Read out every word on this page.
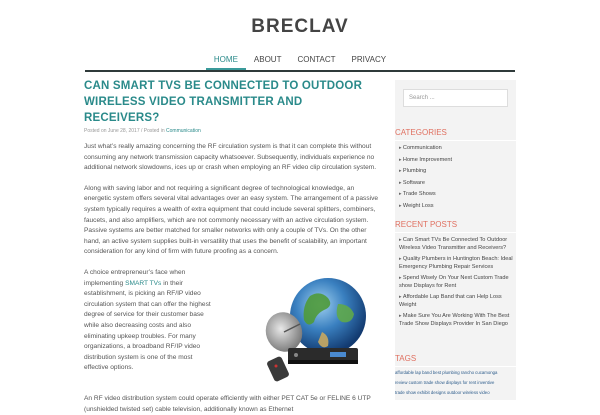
BRECLAV
HOME	ABOUT	CONTACT	PRIVACY
CAN SMART TVS BE CONNECTED TO OUTDOOR
WIRELESS VIDEO TRANSMITTER AND RECEIVERS?
Posted on June 28, 2017 / Posted in Communication

Just what’s really amazing concerning the RF circulation system is that it can complete this without consuming any network transmission capacity whatsoever. Subsequently, individuals experience no additional network slowdowns, ices up or crash when employing an RF video clip circulation system.

Along with saving labor and not requiring a significant degree of technological knowledge, an energetic system offers several vital advantages over an easy system. The arrangement of a passive system typically requires a wealth of extra equipment that could include several splitters, combiners, faucets, and also amplifiers, which are not commonly necessary with an active circulation system. Passive systems are better matched for smaller networks with only a couple of TVs. On the other hand, an active system supplies built-in versatility that uses the benefit of scalability, an important consideration for any kind of firm with future proofing as a concern.

A choice entrepreneur’s face when implementing SMART TVs in their establishment, is picking an RF/IP video circulation system that can offer the highest degree of service for their customer base while also decreasing costs and also eliminating upkeep troubles. For many organizations, a broadband RF/IP video distribution system is one of the most effective options.

An RF video distribution system could operate efficiently with either PET CAT 5e or FELINE 6 UTP (unshielded twisted set) cable television, additionally known as Ethernet

Search ...
CATEGORIES
▸ Communication
▸ Home Improvement
▸ Plumbing
▸ Software
▸ Trade Shows
▸ Weight Loss
RECENT POSTS
▸ Can Smart TVs Be Connected To Outdoor Wireless Video Transmitter and Receivers?
▸ Quality Plumbers in Huntington Beach: Ideal Emergency Plumbing Repair Services
▸ Spend Wisely On Your Next Custom Trade show Displays for Rent
▸ Affordable Lap Band that can Help Loss Weight
▸ Make Sure You Are Working With The Best Trade Show Displays Provider In San Diego
TAGS
affordable lap band best plumbing rancho cucamonga
review custom trade show displays for rent inventive
trade show exhibit designs outdoor wireless video
